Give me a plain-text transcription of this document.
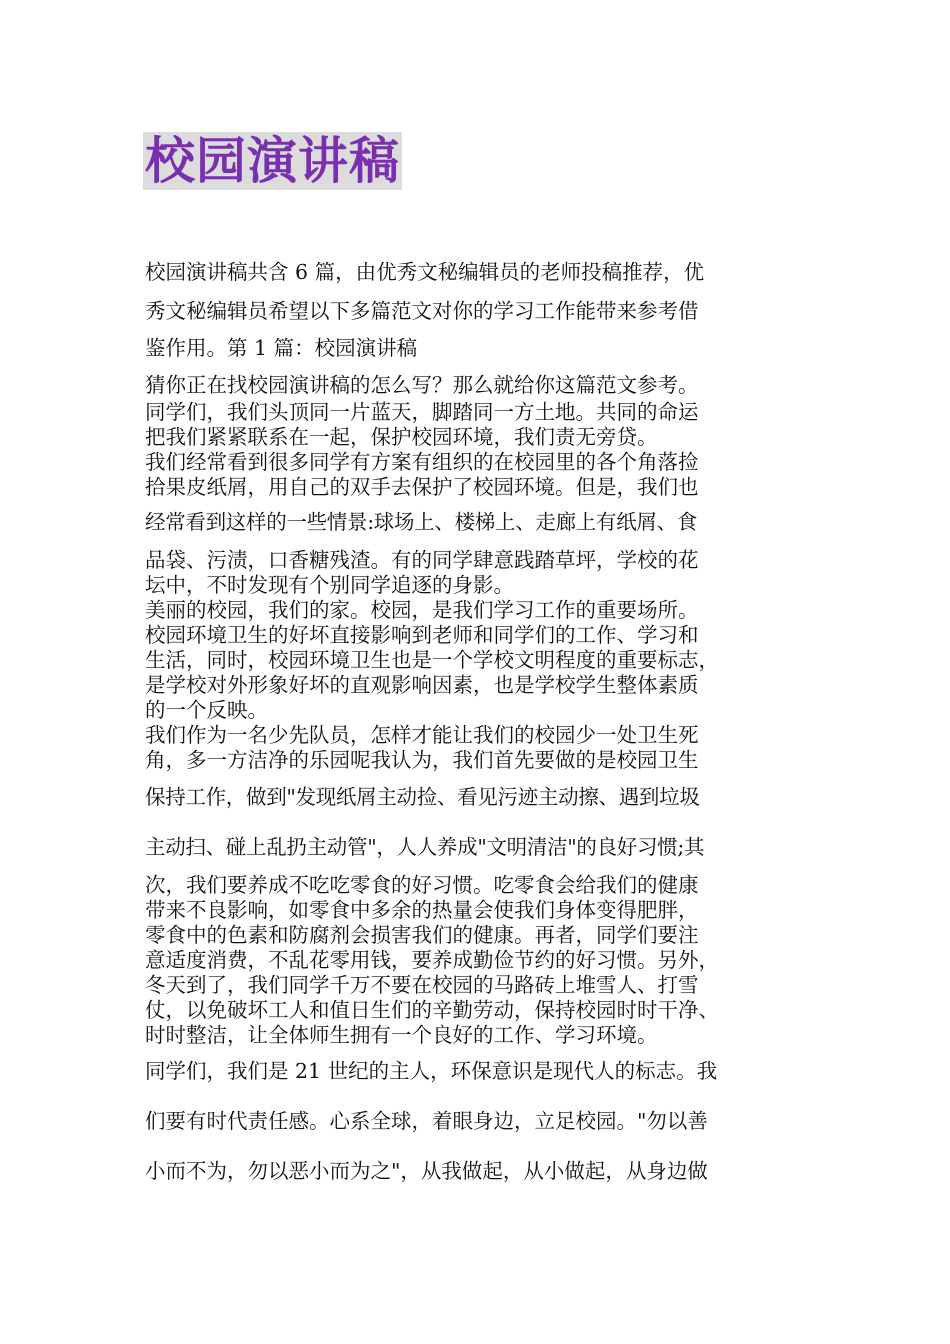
校园演讲稿
校园演讲稿共含 6 篇，由优秀文秘编辑员的老师投稿推荐，优
秀文秘编辑员希望以下多篇范文对你的学习工作能带来参考借
鉴作用。第 1 篇：校园演讲稿
猜你正在找校园演讲稿的怎么写？那么就给你这篇范文参考。
同学们，我们头顶同一片蓝天，脚踏同一方土地。共同的命运
把我们紧紧联系在一起，保护校园环境，我们责无旁贷。
我们经常看到很多同学有方案有组织的在校园里的各个角落捡
拾果皮纸屑，用自己的双手去保护了校园环境。但是，我们也
经常看到这样的一些情景:球场上、楼梯上、走廊上有纸屑、食
品袋、污渍，口香糖残渣。有的同学肆意践踏草坪，学校的花
坛中，不时发现有个别同学追逐的身影。
美丽的校园，我们的家。校园，是我们学习工作的重要场所。
校园环境卫生的好坏直接影响到老师和同学们的工作、学习和
生活，同时，校园环境卫生也是一个学校文明程度的重要标志，
是学校对外形象好坏的直观影响因素，也是学校学生整体素质
的一个反映。
我们作为一名少先队员，怎样才能让我们的校园少一处卫生死
角，多一方洁净的乐园呢我认为，我们首先要做的是校园卫生
保持工作，做到"发现纸屑主动捡、看见污迹主动擦、遇到垃圾
主动扫、碰上乱扔主动管"，人人养成"文明清洁"的良好习惯;其
次，我们要养成不吃吃零食的好习惯。吃零食会给我们的健康
带来不良影响，如零食中多余的热量会使我们身体变得肥胖，
零食中的色素和防腐剂会损害我们的健康。再者，同学们要注
意适度消费，不乱花零用钱，要养成勤俭节约的好习惯。另外，
冬天到了，我们同学千万不要在校园的马路砖上堆雪人、打雪
仗，以免破坏工人和值日生们的辛勤劳动，保持校园时时干净、
时时整洁，让全体师生拥有一个良好的工作、学习环境。
同学们，我们是 21 世纪的主人，环保意识是现代人的标志。我
们要有时代责任感。心系全球，着眼身边，立足校园。"勿以善
小而不为，勿以恶小而为之"，从我做起，从小做起，从身边做
